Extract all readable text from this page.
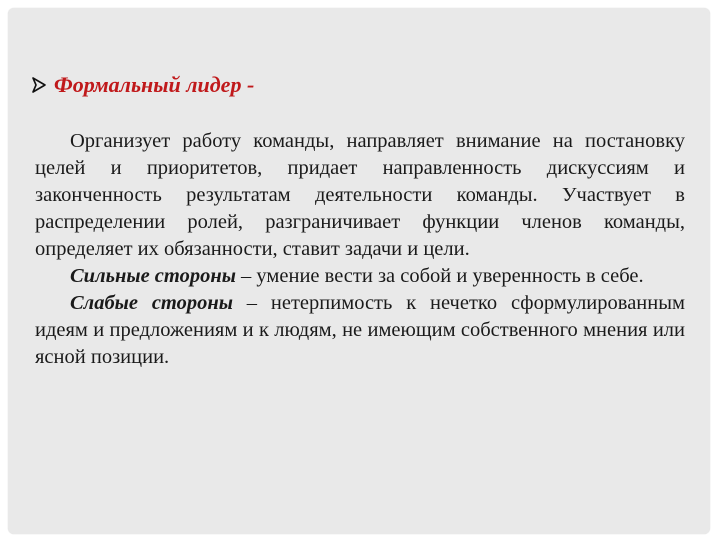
Формальный лидер -

Организует работу команды, направляет внимание на постановку целей и приоритетов, придает направленность дискуссиям и законченность результатам деятельности команды. Участвует в распределении ролей, разграничивает функции членов команды, определяет их обязанности, ставит задачи и цели.

Сильные стороны – умение вести за собой и уверенность в себе.

Слабые стороны – нетерпимость к нечетко сформулированным идеям и предложениям и к людям, не имеющим собственного мнения или ясной позиции.
